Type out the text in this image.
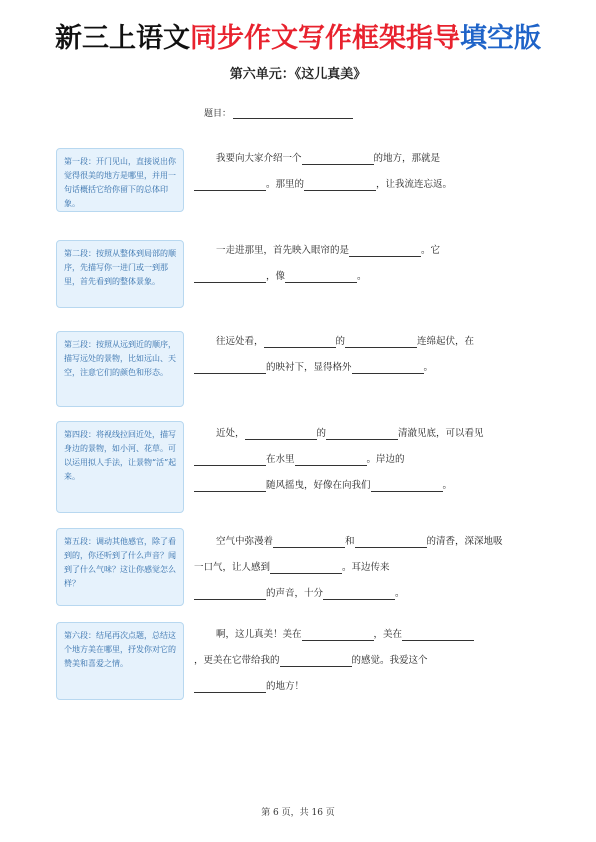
新三上语文同步作文写作框架指导填空版
第六单元：《这儿真美》
题目：
第一段：开门见山，直接说出你觉得很美的地方是哪里，并用一句话概括它给你留下的总体印象。
我要向大家介绍一个	的地方，那就是
。那里的	，让我流连忘返。
第二段：按照从整体到局部的顺序，先描写你一进门或一到那里，首先看到的整体景象。
一走进那里，首先映入眼帘的是	。它
，像	。
第三段：按照从远到近的顺序，描写远处的景物，比如远山、天空，注意它们的颜色和形态。
往远处看，	的	连绵起伏，在
的映衬下，显得格外	。
第四段：将视线拉回近处，描写身边的景物，如小河、花草。可以运用拟人手法，让景物“活”起来。
近处，	的	清澈见底，可以看见
在水里	。岸边的
随风摇曳，好像在向我们	。
第五段：调动其他感官，除了看到的，你还听到了什么声音？闻到了什么气味？这让你感觉怎么样？
空气中弥漫着	和	的清香，深深地吸一口气，让人感到	。耳边传来
的声音，十分	。
第六段：结尾再次点题，总结这个地方美在哪里，抒发你对它的赞美和喜爱之情。
啊，这儿真美！美在	，美在
，更美在它带给我的	的感觉。我爱这个
的地方！
第 6 页，共 16 页
